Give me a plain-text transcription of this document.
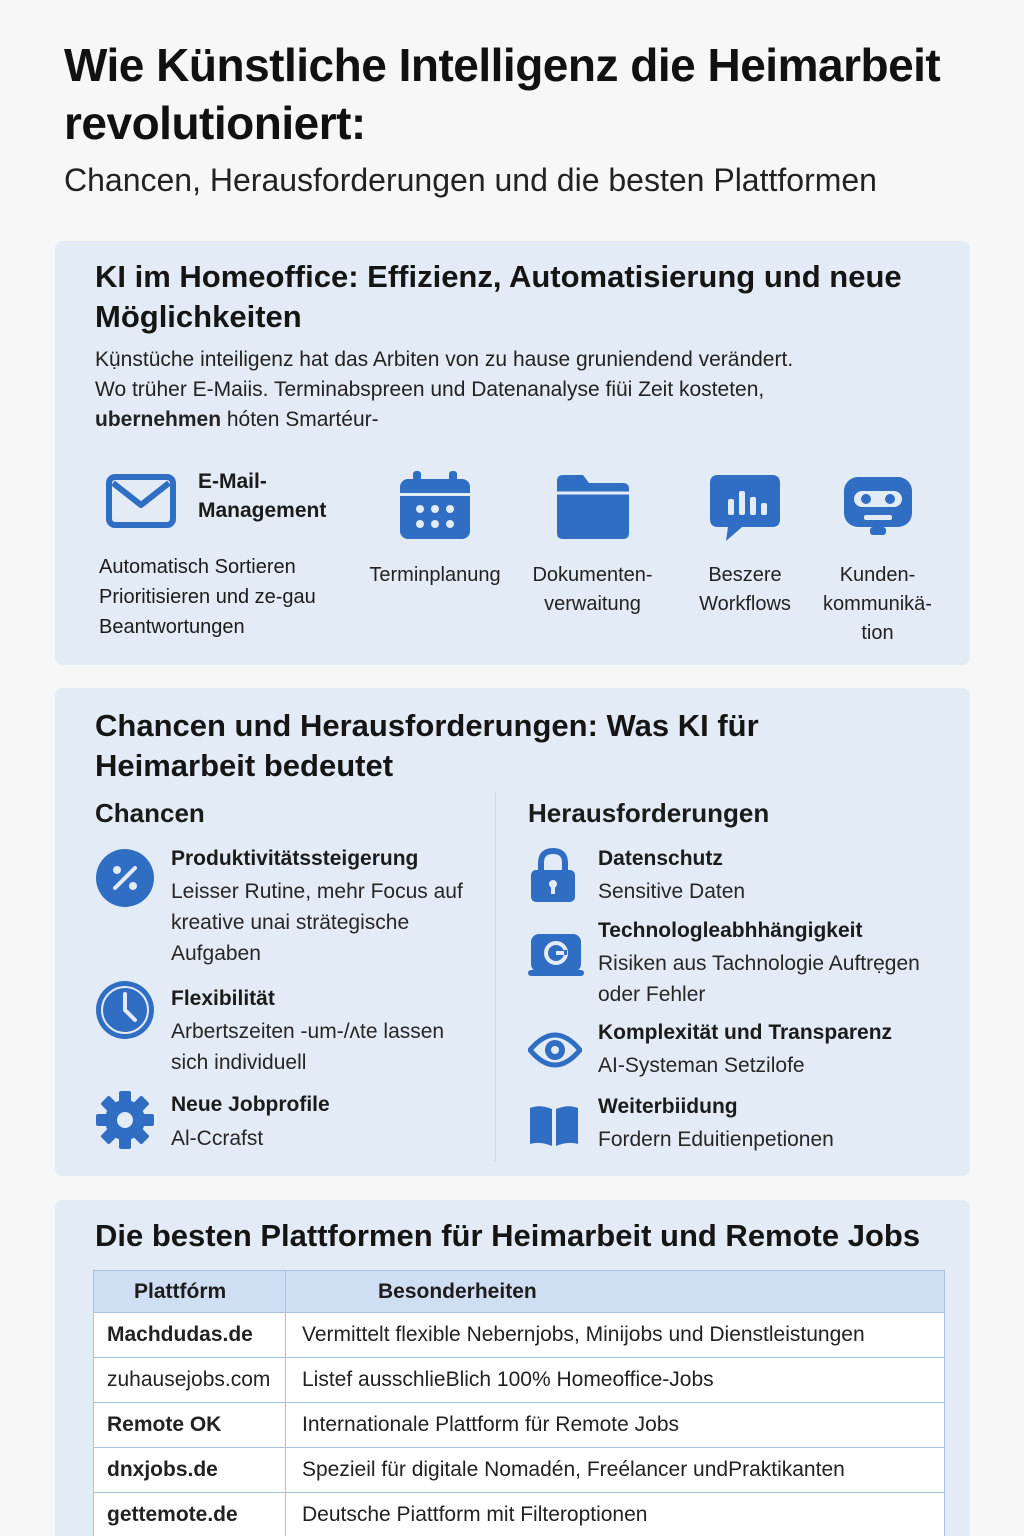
Wie Künstliche Intelligenz die Heimarbeit revolutioniert:
Chancen, Herausforderungen und die besten Plattformen
KI im Homeoffice: Effizienz, Automatisierung und neue Möglichkeiten

Kụ̈nstüche inteiligenz hat das Arbiten von zu hause gruniendend verändert.
Wo trüher E-Maiis. Terminabspreen und Datenanalyse fiüi Zeit kosteten,
ubernehmen hóten Smartéur-

E-Mail-Management
Automatisch Sortieren Prioritisieren und ze-gau Beantwortungen
Terminplanung	Dokumenten-verwaitung
Beszere Workflows
Kunden-kommunikä-tion
Chancen und Herausforderungen: Was KI für Heimarbeit bedeutet
Chancen	Herausforderungen
Produktivitätssteigerung
Leisser Rutine, mehr Focus auf kreative unai strätegische Aufgaben
Flexibilität
Arbertszeiten -um-/ʌte lassen sich individuell
Neue Jobprofile
Al-Ccrafst
Datenschutz
Sensitive Daten
Technologleabhhängigkeit
Risiken aus Tachnologie Auftrẹgen oder Fehler
Komplexität und Transparenz
AI-Systeman Setzilofe
Weiterbiidung
Fordern Eduitienpetionen
Die besten Plattformen für Heimarbeit und Remote Jobs
Plattfórm	Besonderheiten
Machdudas.de	Vermittelt flexible Nebernjobs, Minijobs und Dienstleistungen
zuhausejobs.com	Listef ausschlieBlich 100% Homeoffice-Jobs
Remote OK	Internationale Plattform für Remote Jobs
dnxjobs.de	Spezieil für digitale Nomadén, Freélancer undPraktikanten
gettemote.de	Deutsche Piattform mit Filteroptionen
